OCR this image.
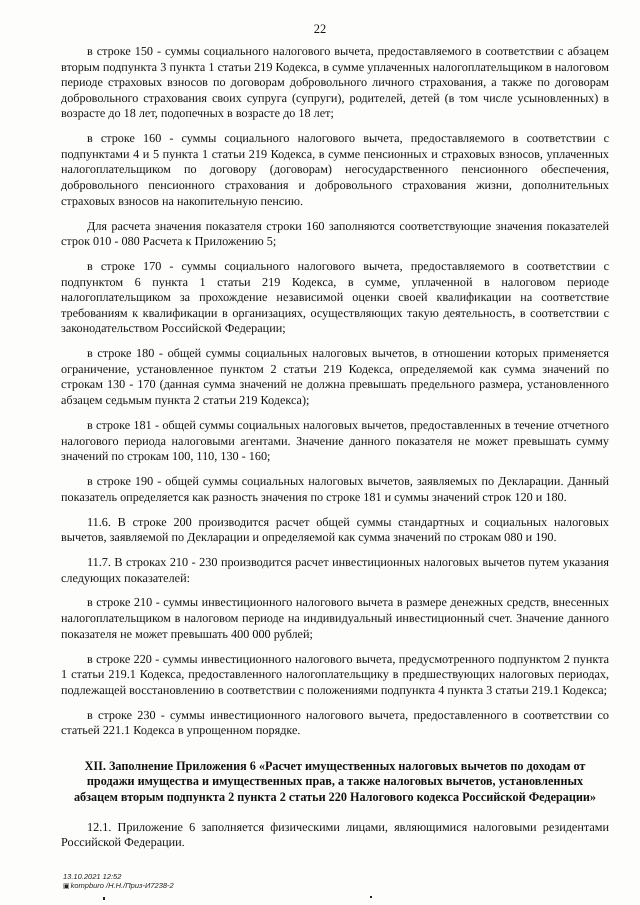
22

в строке 150 - суммы социального налогового вычета, предоставляемого в соответствии с абзацем вторым подпункта 3 пункта 1 статьи 219 Кодекса, в сумме уплаченных налогоплательщиком в налоговом периоде страховых взносов по договорам добровольного личного страхования, а также по договорам добровольного страхования своих супруга (супруги), родителей, детей (в том числе усыновленных) в возрасте до 18 лет, подопечных в возрасте до 18 лет;

в строке 160 - суммы социального налогового вычета, предоставляемого в соответствии с подпунктами 4 и 5 пункта 1 статьи 219 Кодекса, в сумме пенсионных и страховых взносов, уплаченных налогоплательщиком по договору (договорам) негосударственного пенсионного обеспечения, добровольного пенсионного страхования и добровольного страхования жизни, дополнительных страховых взносов на накопительную пенсию.

Для расчета значения показателя строки 160 заполняются соответствующие значения показателей строк 010 - 080 Расчета к Приложению 5;

в строке 170 - суммы социального налогового вычета, предоставляемого в соответствии с подпунктом 6 пункта 1 статьи 219 Кодекса, в сумме, уплаченной в налоговом периоде налогоплательщиком за прохождение независимой оценки своей квалификации на соответствие требованиям к квалификации в организациях, осуществляющих такую деятельность, в соответствии с законодательством Российской Федерации;

в строке 180 - общей суммы социальных налоговых вычетов, в отношении которых применяется ограничение, установленное пунктом 2 статьи 219 Кодекса, определяемой как сумма значений по строкам 130 - 170 (данная сумма значений не должна превышать предельного размера, установленного абзацем седьмым пункта 2 статьи 219 Кодекса);

в строке 181 - общей суммы социальных налоговых вычетов, предоставленных в течение отчетного налогового периода налоговыми агентами. Значение данного показателя не может превышать сумму значений по строкам 100, 110, 130 - 160;

в строке 190 - общей суммы социальных налоговых вычетов, заявляемых по Декларации. Данный показатель определяется как разность значения по строке 181 и суммы значений строк 120 и 180.

11.6. В строке 200 производится расчет общей суммы стандартных и социальных налоговых вычетов, заявляемой по Декларации и определяемой как сумма значений по строкам 080 и 190.

11.7. В строках 210 - 230 производится расчет инвестиционных налоговых вычетов путем указания следующих показателей:

в строке 210 - суммы инвестиционного налогового вычета в размере денежных средств, внесенных налогоплательщиком в налоговом периоде на индивидуальный инвестиционный счет. Значение данного показателя не может превышать 400 000 рублей;

в строке 220 - суммы инвестиционного налогового вычета, предусмотренного подпунктом 2 пункта 1 статьи 219.1 Кодекса, предоставленного налогоплательщику в предшествующих налоговых периодах, подлежащей восстановлению в соответствии с положениями подпункта 4 пункта 3 статьи 219.1 Кодекса;

в строке 230 - суммы инвестиционного налогового вычета, предоставленного в соответствии со статьей 221.1 Кодекса в упрощенном порядке.

XII. Заполнение Приложения 6 «Расчет имущественных налоговых вычетов по доходам от продажи имущества и имущественных прав, а также налоговых вычетов, установленных абзацем вторым подпункта 2 пункта 2 статьи 220 Налогового кодекса Российской Федерации»

12.1. Приложение 6 заполняется физическими лицами, являющимися налоговыми резидентами Российской Федерации.

13.10.2021 12:52
▣kompburo /Н.Н./Приз-И7238-2
